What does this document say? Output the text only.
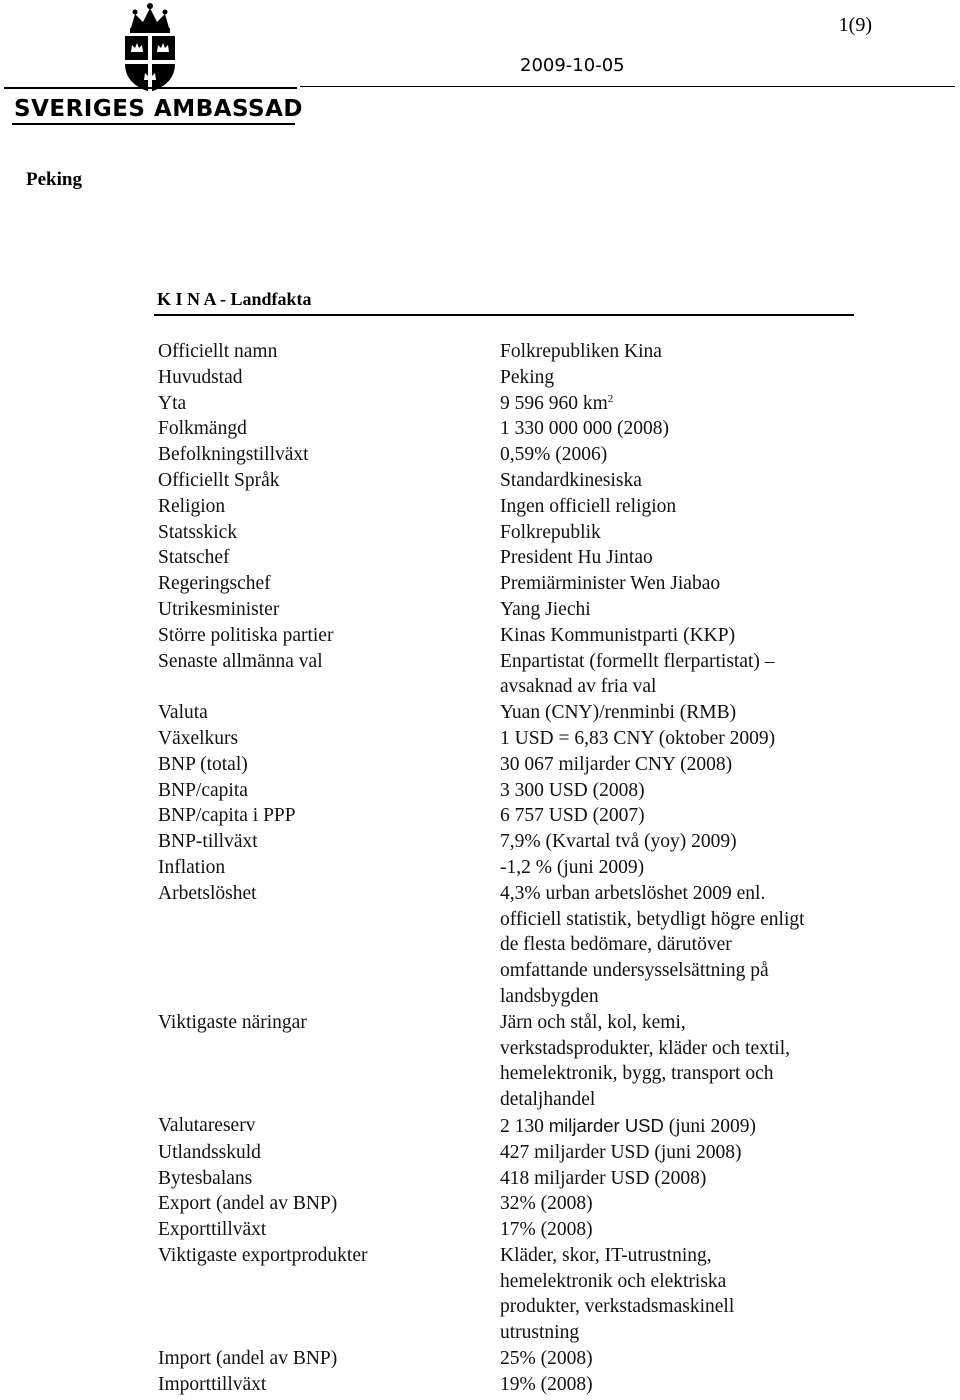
SVERIGES AMBASSAD
1(9)
2009-10-05
Peking
K I N A - Landfakta
Officiellt namn	Folkrepubliken Kina
Huvudstad	Peking
Yta	9 596 960 $km^2$
Folkmängd	1 330 000 000 (2008)
Befolkningstillväxt	0,59% (2006)
Officiellt Språk	Standardkinesiska
Religion	Ingen officiell religion
Statsskick	Folkrepublik
Statschef	President Hu Jintao
Regeringschef	Premiärminister Wen Jiabao
Utrikesminister	Yang Jiechi
Större politiska partier	Kinas Kommunistparti (KKP)
Senaste allmänna val	Enpartistat (formellt flerpartistat) –
avsaknad av fria val
Valuta	Yuan (CNY)/renminbi (RMB)
Växelkurs	1 USD = 6,83 CNY (oktober 2009)
BNP (total)	30 067 miljarder CNY (2008)
BNP/capita	3 300 USD (2008)
BNP/capita i PPP	6 757 USD (2007)
BNP-tillväxt	7,9% (Kvartal två (yoy) 2009)
Inflation	-1,2 % (juni 2009)
Arbetslöshet	4,3% urban arbetslöshet 2009 enl.
officiell statistik, betydligt högre enligt
de flesta bedömare, därutöver
omfattande undersysselsättning på
landsbygden
Viktigaste näringar	Järn och stål, kol, kemi,
verkstadsprodukter, kläder och textil,
hemelektronik, bygg, transport och
detaljhandel
Valutareserv	2 130 miljarder USD (juni 2009)
Utlandsskuld	427 miljarder USD (juni 2008)
Bytesbalans	418 miljarder USD (2008)
Export (andel av BNP)	32% (2008)
Exporttillväxt	17% (2008)
Viktigaste exportprodukter	Kläder, skor, IT-utrustning,
hemelektronik och elektriska
produkter, verkstadsmaskinell
utrustning
Import (andel av BNP)	25% (2008)
Importtillväxt	19% (2008)
